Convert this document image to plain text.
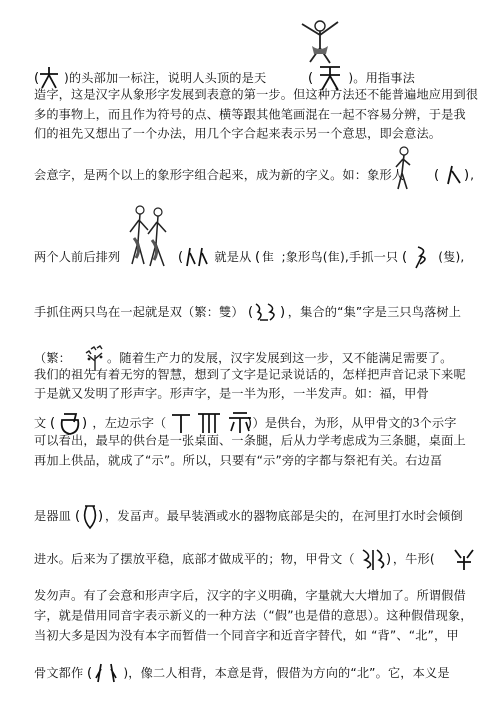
( )的头部加一标注，说明人头顶的是天	(	)。用指事法
造字，这是汉字从象形字发展到表意的第一步。但这种方法还不能普遍地应用到很
多的事物上，而且作为符号的点、横等跟其他笔画混在一起不容易分辨，于是我
们的祖先又想出了一个办法，用几个字合起来表示另一个意思，即会意法。
会意字，是两个以上的象形字组合起来，成为新的字义。如：象形人 ( ) ,
两个人前后排列	(	就是从 ( 隹 ;象形鸟(隹),手抓一只 (	(隻),
手抓住两只鸟在一起就是双（繁：雙） ( ) ，集合的“集”字是三只鸟落树上
（繁：	。随着生产力的发展，汉字发展到这一步，又不能满足需要了。
我们的祖先有着无穷的智慧，想到了文字是记录说话的，怎样把声音记录下来呢
于是就又发明了形声字。形声字，是一半为形，一半发声。如：福，甲骨
文 ( ) ，左边示字（

	) ）是供台，为形，从甲骨文的3个示字
可以看出，最早的供台是一张桌面、一条腿，后从力学考虑成为三条腿，桌面上
再加上供品，就成了“示”。所以，只要有“示”旁的字都与祭祀有关。右边畐
是器皿 ( ) ，发畐声。最早装酒或水的器物底部是尖的，在河里打水时会倾倒
进水。后来为了摆放平稳，底部才做成平的；物，甲骨文（ ) ，牛形(
发勿声。有了会意和形声字后，汉字的字义明确，字量就大大增加了。所谓假借
字，就是借用同音字表示新义的一种方法（“假”也是借的意思）。这种假借现象，
当初大多是因为没有本字而暂借一个同音字和近音字替代，如 “背”、“北”，甲
骨文都作 (	)，像二人相背，本意是背，假借为方向的“北”。它，本义是
